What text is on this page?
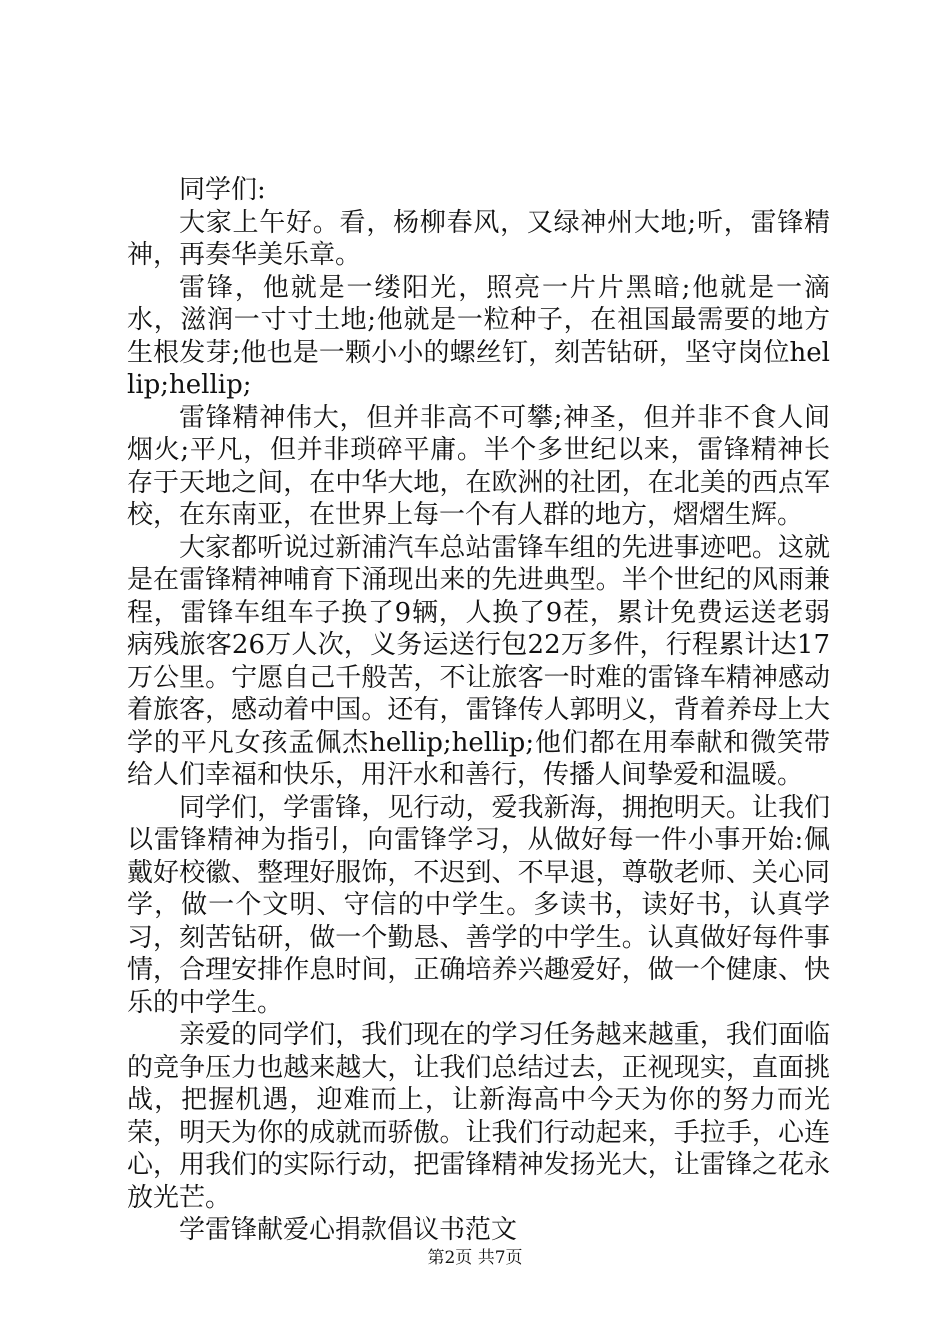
同学们:

大家上午好。看，杨柳春风，又绿神州大地;听，雷锋精神，再奏华美乐章。

雷锋，他就是一缕阳光，照亮一片片黑暗;他就是一滴水，滋润一寸寸土地;他就是一粒种子，在祖国最需要的地方生根发芽;他也是一颗小小的螺丝钉，刻苦钻研，坚守岗位hellip;hellip;

雷锋精神伟大，但并非高不可攀;神圣，但并非不食人间烟火;平凡，但并非琐碎平庸。半个多世纪以来，雷锋精神长存于天地之间，在中华大地，在欧洲的社团，在北美的西点军校，在东南亚，在世界上每一个有人群的地方，熠熠生辉。

大家都听说过新浦汽车总站雷锋车组的先进事迹吧。这就是在雷锋精神哺育下涌现出来的先进典型。半个世纪的风雨兼程，雷锋车组车子换了9辆，人换了9茬，累计免费运送老弱病残旅客26万人次，义务运送行包22万多件，行程累计达17万公里。宁愿自己千般苦，不让旅客一时难的雷锋车精神感动着旅客，感动着中国。还有，雷锋传人郭明义，背着养母上大学的平凡女孩孟佩杰hellip;hellip;他们都在用奉献和微笑带给人们幸福和快乐，用汗水和善行，传播人间挚爱和温暖。

同学们，学雷锋，见行动，爱我新海，拥抱明天。让我们以雷锋精神为指引，向雷锋学习，从做好每一件小事开始:佩戴好校徽、整理好服饰，不迟到、不早退，尊敬老师、关心同学，做一个文明、守信的中学生。多读书，读好书，认真学习，刻苦钻研，做一个勤恳、善学的中学生。认真做好每件事情，合理安排作息时间，正确培养兴趣爱好，做一个健康、快乐的中学生。

亲爱的同学们，我们现在的学习任务越来越重，我们面临的竞争压力也越来越大，让我们总结过去，正视现实，直面挑战，把握机遇，迎难而上，让新海高中今天为你的努力而光荣，明天为你的成就而骄傲。让我们行动起来，手拉手，心连心，用我们的实际行动，把雷锋精神发扬光大，让雷锋之花永放光芒。

学雷锋献爱心捐款倡议书范文

第2页 共7页
